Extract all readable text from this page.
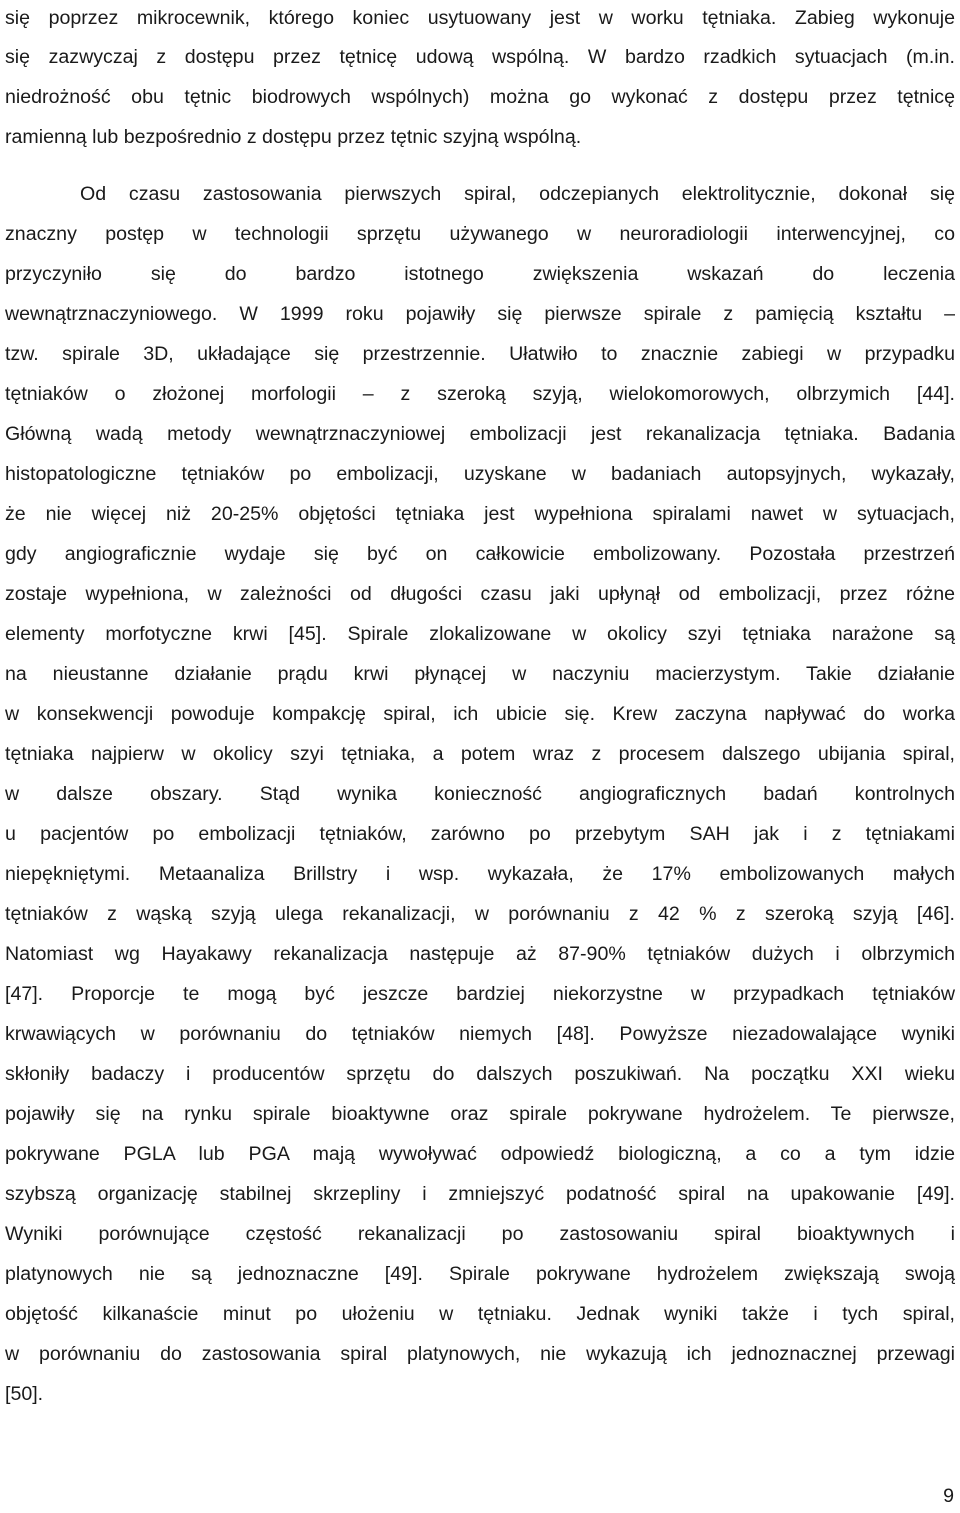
się poprzez mikrocewnik, którego koniec usytuowany jest w worku tętniaka. Zabieg wykonuje
się zazwyczaj z dostępu przez tętnicę udową wspólną. W bardzo rzadkich sytuacjach (m.in.
niedrożność obu tętnic biodrowych wspólnych) można go wykonać z dostępu przez tętnicę
ramienną lub bezpośrednio z dostępu przez tętnic szyjną wspólną.
Od czasu zastosowania pierwszych spiral, odczepianych elektrolitycznie, dokonał się
znaczny postęp w technologii sprzętu używanego w neuroradiologii interwencyjnej, co
przyczyniło się do bardzo istotnego zwiększenia wskazań do leczenia
wewnątrznaczyniowego. W 1999 roku pojawiły się pierwsze spirale z pamięcią kształtu –
tzw. spirale 3D, układające się przestrzennie. Ułatwiło to znacznie zabiegi w przypadku
tętniaków o złożonej morfologii – z szeroką szyją, wielokomorowych, olbrzymich [44].
Główną wadą metody wewnątrznaczyniowej embolizacji jest rekanalizacja tętniaka. Badania
histopatologiczne tętniaków po embolizacji, uzyskane w badaniach autopsyjnych, wykazały,
że nie więcej niż 20-25% objętości tętniaka jest wypełniona spiralami nawet w sytuacjach,
gdy angiograficznie wydaje się być on całkowicie embolizowany. Pozostała przestrzeń
zostaje wypełniona, w zależności od długości czasu jaki upłynął od embolizacji, przez różne
elementy morfotyczne krwi [45]. Spirale zlokalizowane w okolicy szyi tętniaka narażone są
na nieustanne działanie prądu krwi płynącej w naczyniu macierzystym. Takie działanie
w konsekwencji powoduje kompakcję spiral, ich ubicie się. Krew zaczyna napływać do worka
tętniaka najpierw w okolicy szyi tętniaka, a potem wraz z procesem dalszego ubijania spiral,
w dalsze obszary. Stąd wynika konieczność angiograficznych badań kontrolnych
u pacjentów po embolizacji tętniaków, zarówno po przebytym SAH jak i z tętniakami
niepękniętymi. Metaanaliza Brillstry i wsp. wykazała, że 17% embolizowanych małych
tętniaków z wąską szyją ulega rekanalizacji, w porównaniu z 42 % z szeroką szyją [46].
Natomiast wg Hayakawy rekanalizacja następuje aż 87-90% tętniaków dużych i olbrzymich
[47]. Proporcje te mogą być jeszcze bardziej niekorzystne w przypadkach tętniaków
krwawiących w porównaniu do tętniaków niemych [48]. Powyższe niezadowalające wyniki
skłoniły badaczy i producentów sprzętu do dalszych poszukiwań. Na początku XXI wieku
pojawiły się na rynku spirale bioaktywne oraz spirale pokrywane hydrożelem. Te pierwsze,
pokrywane PGLA lub PGA mają wywoływać odpowiedź biologiczną, a co a tym idzie
szybszą organizację stabilnej skrzepliny i zmniejszyć podatność spiral na upakowanie [49].
Wyniki porównujące częstość rekanalizacji po zastosowaniu spiral bioaktywnych i
platynowych nie są jednoznaczne [49]. Spirale pokrywane hydrożelem zwiększają swoją
objętość kilkanaście minut po ułożeniu w tętniaku. Jednak wyniki także i tych spiral,
w porównaniu do zastosowania spiral platynowych, nie wykazują ich jednoznacznej przewagi
[50].
9
